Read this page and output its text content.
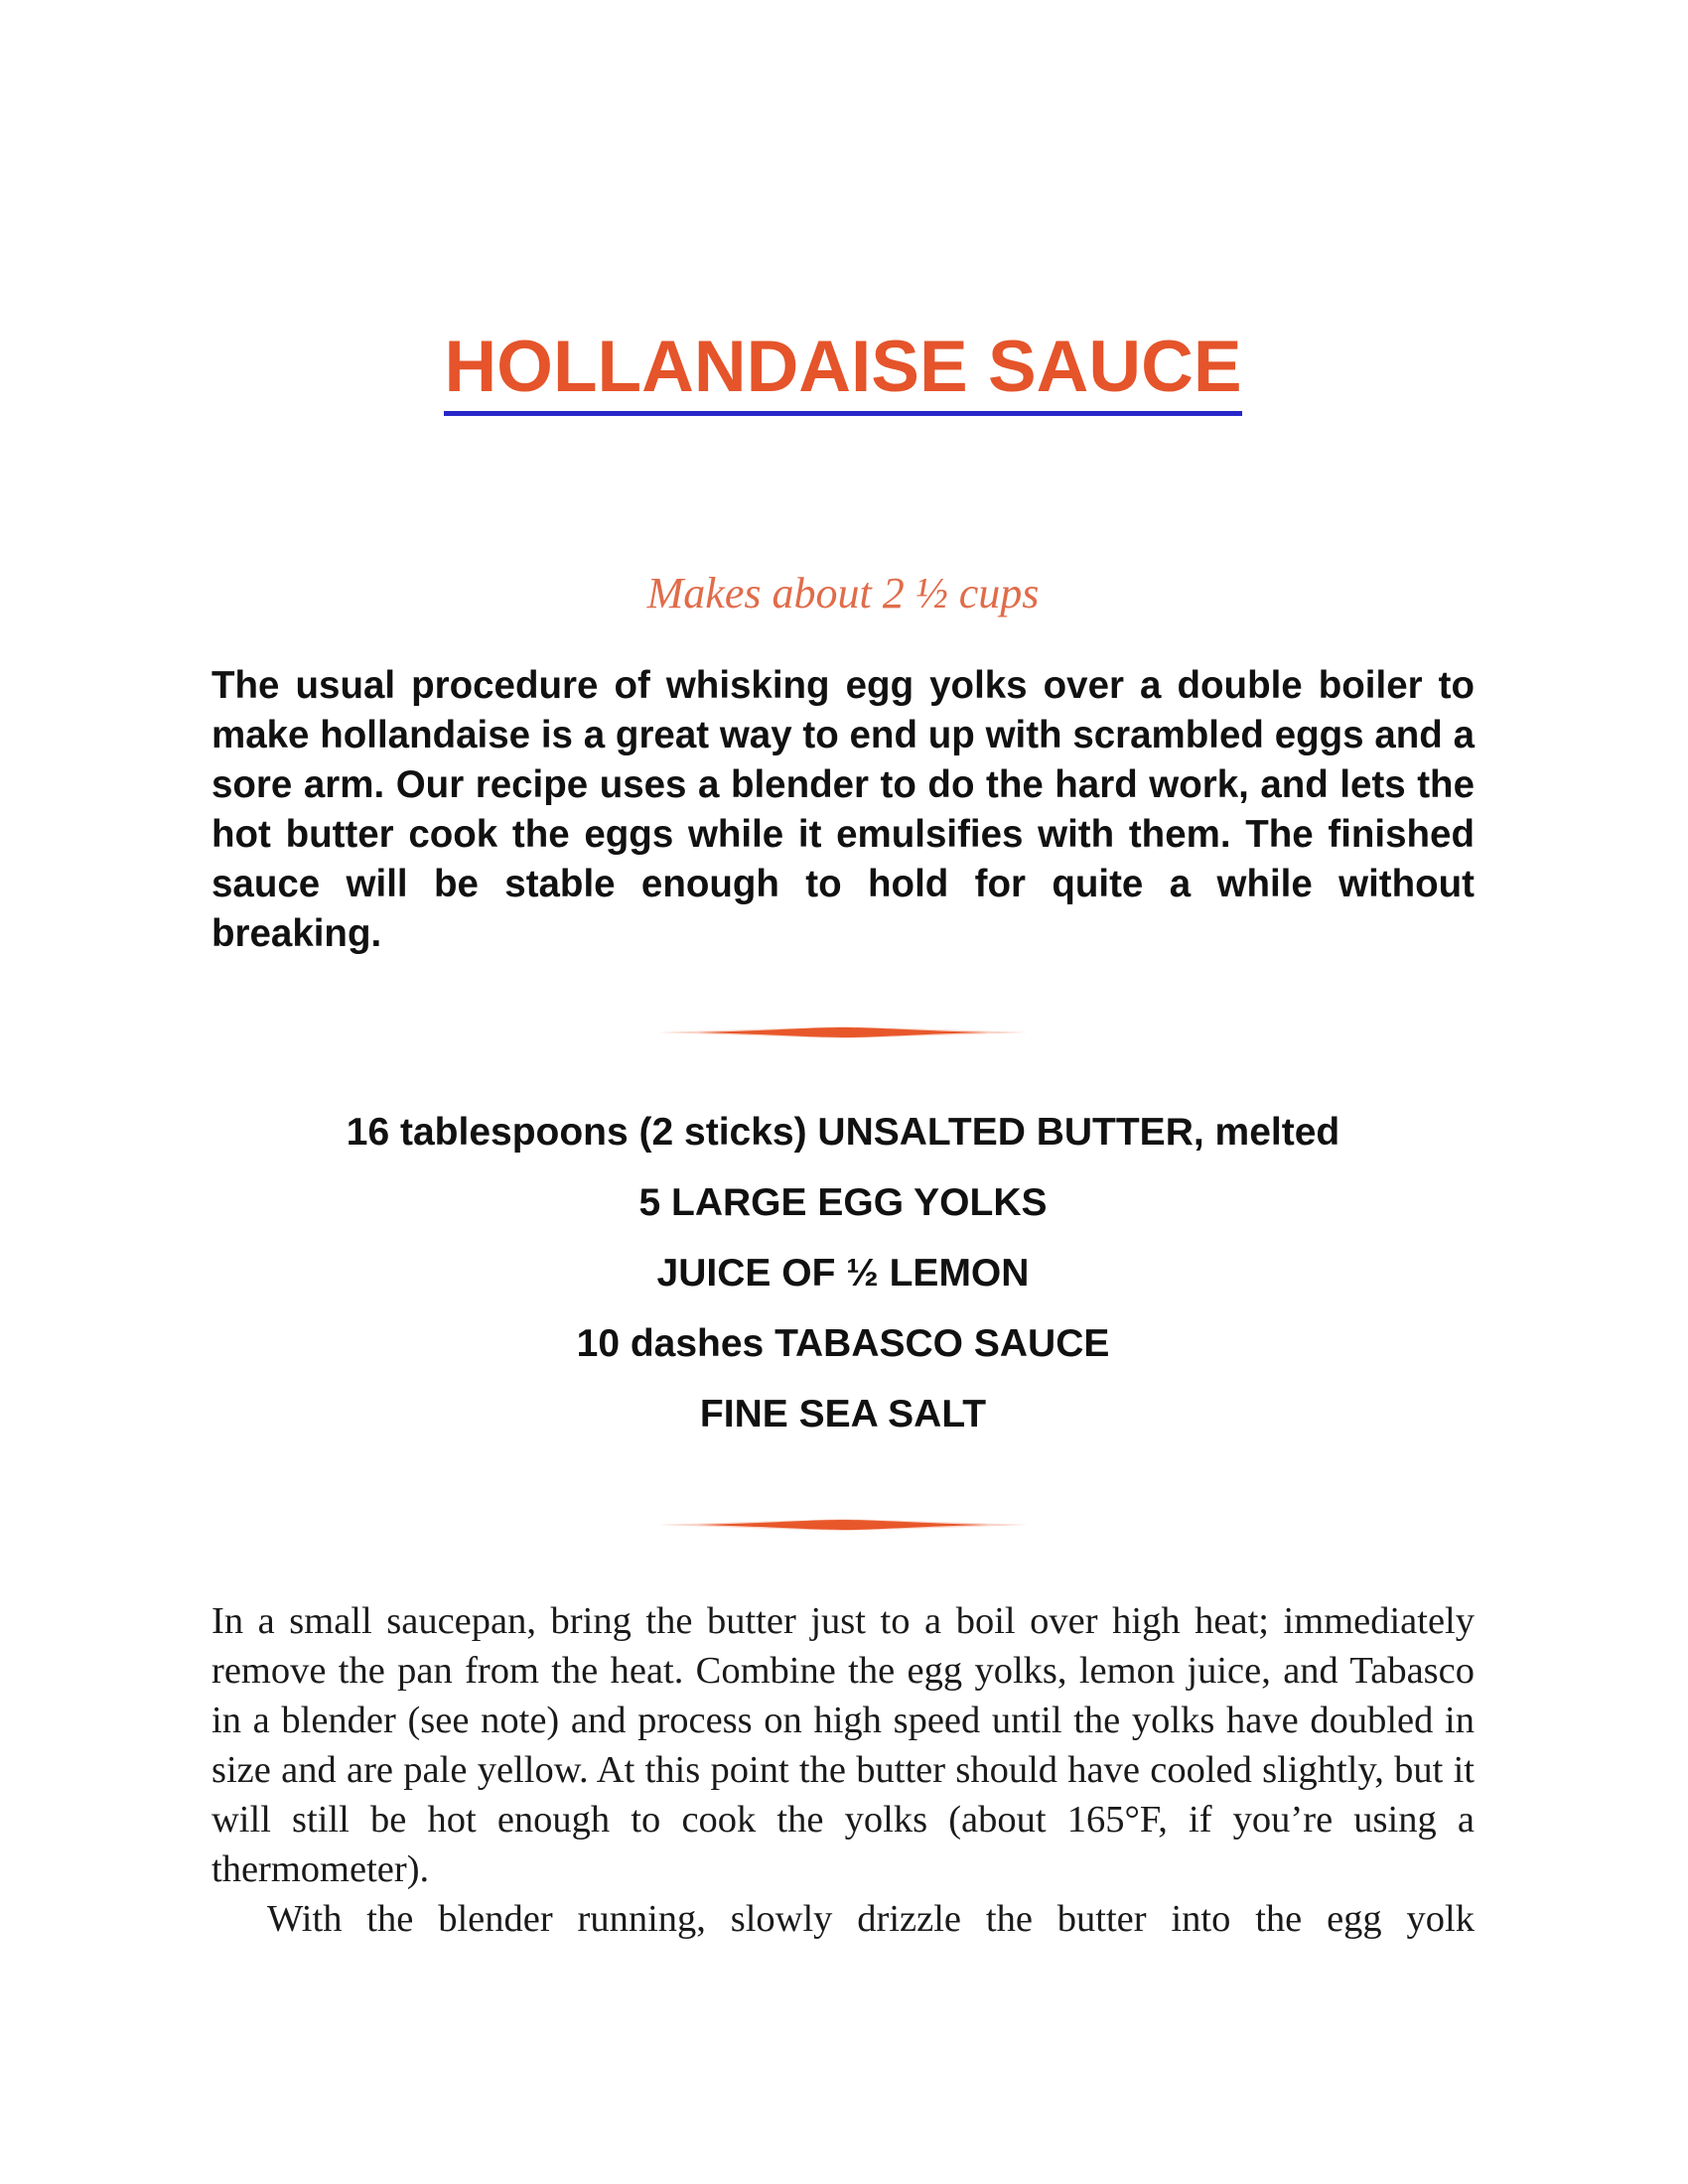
HOLLANDAISE SAUCE

Makes about 2 ½ cups

The usual procedure of whisking egg yolks over a double boiler to make hollandaise is a great way to end up with scrambled eggs and a sore arm. Our recipe uses a blender to do the hard work, and lets the hot butter cook the eggs while it emulsifies with them. The finished sauce will be stable enough to hold for quite a while without breaking.

16 tablespoons (2 sticks) UNSALTED BUTTER, melted
5 LARGE EGG YOLKS
JUICE OF ½ LEMON
10 dashes TABASCO SAUCE
FINE SEA SALT

In a small saucepan, bring the butter just to a boil over high heat; immediately remove the pan from the heat. Combine the egg yolks, lemon juice, and Tabasco in a blender (see note) and process on high speed until the yolks have doubled in size and are pale yellow. At this point the butter should have cooled slightly, but it will still be hot enough to cook the yolks (about 165°F, if you’re using a thermometer).

With the blender running, slowly drizzle the butter into the egg yolk
